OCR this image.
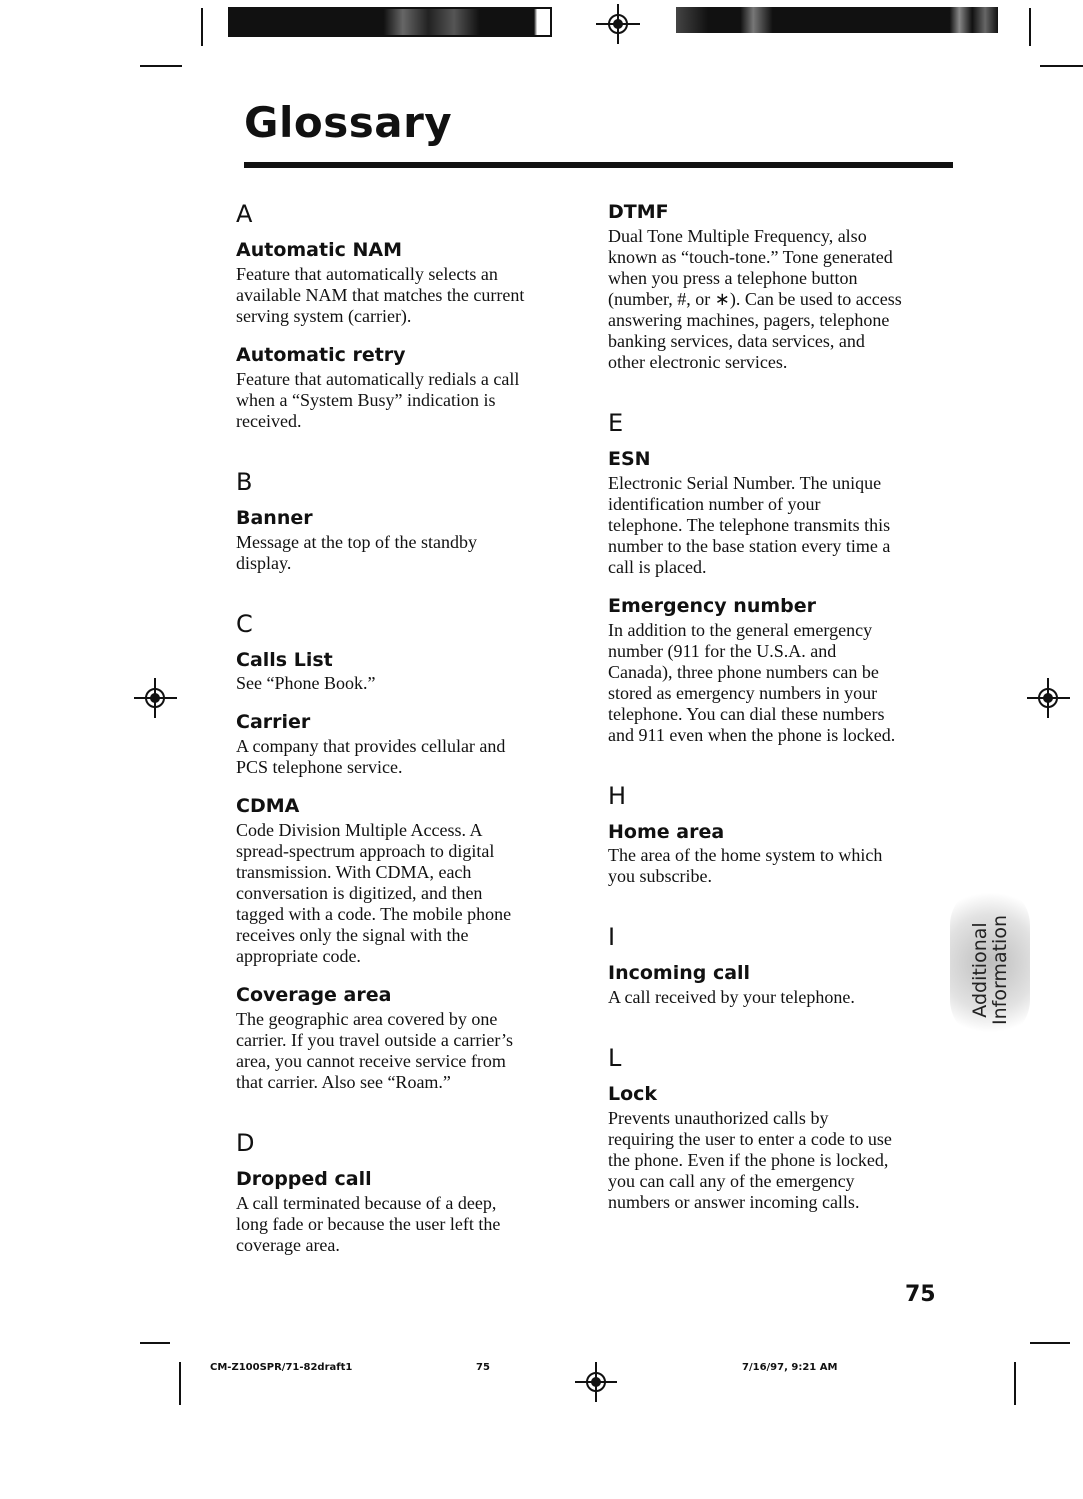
Glossary
A
Automatic NAM
Feature that automatically selects an
available NAM that matches the current
serving system (carrier).
Automatic retry
Feature that automatically redials a call
when a “System Busy” indication is
received.
B
Banner
Message at the top of the standby
display.
C
Calls List
See “Phone Book.”
Carrier
A company that provides cellular and
PCS telephone service.
CDMA
Code Division Multiple Access. A
spread-spectrum approach to digital
transmission. With CDMA, each
conversation is digitized, and then
tagged with a code. The mobile phone
receives only the signal with the
appropriate code.
Coverage area
The geographic area covered by one
carrier. If you travel outside a carrier’s
area, you cannot receive service from
that carrier. Also see “Roam.”
D
Dropped call
A call terminated because of a deep,
long fade or because the user left the
coverage area.
DTMF
Dual Tone Multiple Frequency, also
known as “touch-tone.” Tone generated
when you press a telephone button
(number, #, or ∗). Can be used to access
answering machines, pagers, telephone
banking services, data services, and
other electronic services.
E
ESN
Electronic Serial Number. The unique
identification number of your
telephone. The telephone transmits this
number to the base station every time a
call is placed.
Emergency number
In addition to the general emergency
number (911 for the U.S.A. and
Canada), three phone numbers can be
stored as emergency numbers in your
telephone. You can dial these numbers
and 911 even when the phone is locked.
H
Home area
The area of the home system to which
you subscribe.
I
Incoming call
A call received by your telephone.
L
Lock
Prevents unauthorized calls by
requiring the user to enter a code to use
the phone. Even if the phone is locked,
you can call any of the emergency
numbers or answer incoming calls.
Additional
Information
75
CM-Z100SPR/71-82draft1	75	7/16/97, 9:21 AM
